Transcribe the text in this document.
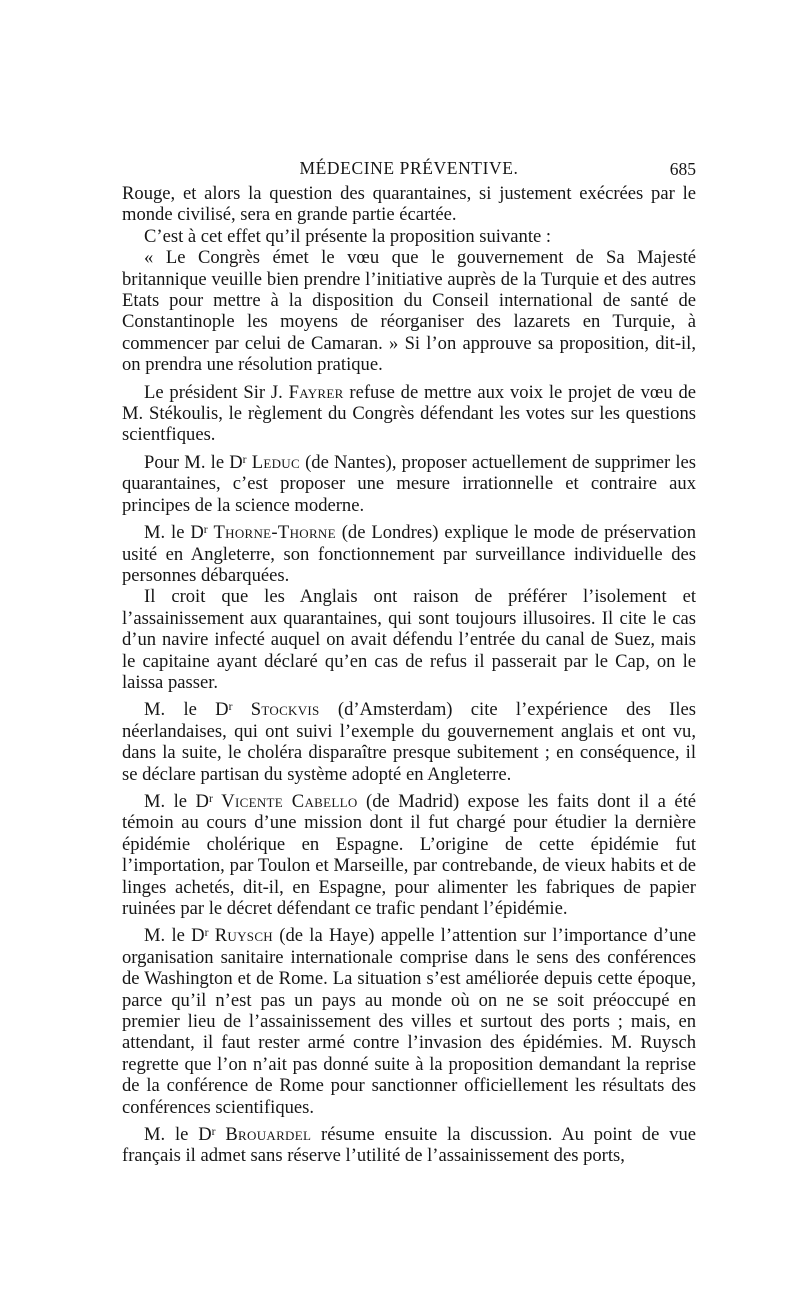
MÉDECINE PRÉVENTIVE.	685

Rouge, et alors la question des quarantaines, si justement exécrées par le monde civilisé, sera en grande partie écartée.

C’est à cet effet qu’il présente la proposition suivante :

« Le Congrès émet le vœu que le gouvernement de Sa Majesté britannique veuille bien prendre l’initiative auprès de la Turquie et des autres Etats pour mettre à la disposition du Conseil international de santé de Constantinople les moyens de réorganiser des lazarets en Turquie, à commencer par celui de Camaran. » Si l’on approuve sa proposition, dit-il, on prendra une résolution pratique.

Le président Sir J. Fayrer refuse de mettre aux voix le projet de vœu de M. Stékoulis, le règlement du Congrès défendant les votes sur les questions scientfiques.

Pour M. le $D^r$ Leduc (de Nantes), proposer actuellement de supprimer les quarantaines, c’est proposer une mesure irrationnelle et contraire aux principes de la science moderne.

M. le $D^r$ Thorne-Thorne (de Londres) explique le mode de préservation usité en Angleterre, son fonctionnement par surveillance individuelle des personnes débarquées.

Il croit que les Anglais ont raison de préférer l’isolement et l’assainissement aux quarantaines, qui sont toujours illusoires. Il cite le cas d’un navire infecté auquel on avait défendu l’entrée du canal de Suez, mais le capitaine ayant déclaré qu’en cas de refus il passerait par le Cap, on le laissa passer.

M. le $D^r$ Stockvis (d’Amsterdam) cite l’expérience des Iles néerlandaises, qui ont suivi l’exemple du gouvernement anglais et ont vu, dans la suite, le choléra disparaître presque subitement ; en conséquence, il se déclare partisan du système adopté en Angleterre.

M. le $D^r$ Vicente Cabello (de Madrid) expose les faits dont il a été témoin au cours d’une mission dont il fut chargé pour étudier la dernière épidémie cholérique en Espagne. L’origine de cette épidémie fut l’importation, par Toulon et Marseille, par contrebande, de vieux habits et de linges achetés, dit-il, en Espagne, pour alimenter les fabriques de papier ruinées par le décret défendant ce trafic pendant l’épidémie.

M. le $D^r$ Ruysch (de la Haye) appelle l’attention sur l’importance d’une organisation sanitaire internationale comprise dans le sens des conférences de Washington et de Rome. La situation s’est améliorée depuis cette époque, parce qu’il n’est pas un pays au monde où on ne se soit préoccupé en premier lieu de l’assainissement des villes et surtout des ports ; mais, en attendant, il faut rester armé contre l’invasion des épidémies. M. Ruysch regrette que l’on n’ait pas donné suite à la proposition demandant la reprise de la conférence de Rome pour sanctionner officiellement les résultats des conférences scientifiques.

M. le $D^r$ Brouardel résume ensuite la discussion. Au point de vue français il admet sans réserve l’utilité de l’assainissement des ports,
